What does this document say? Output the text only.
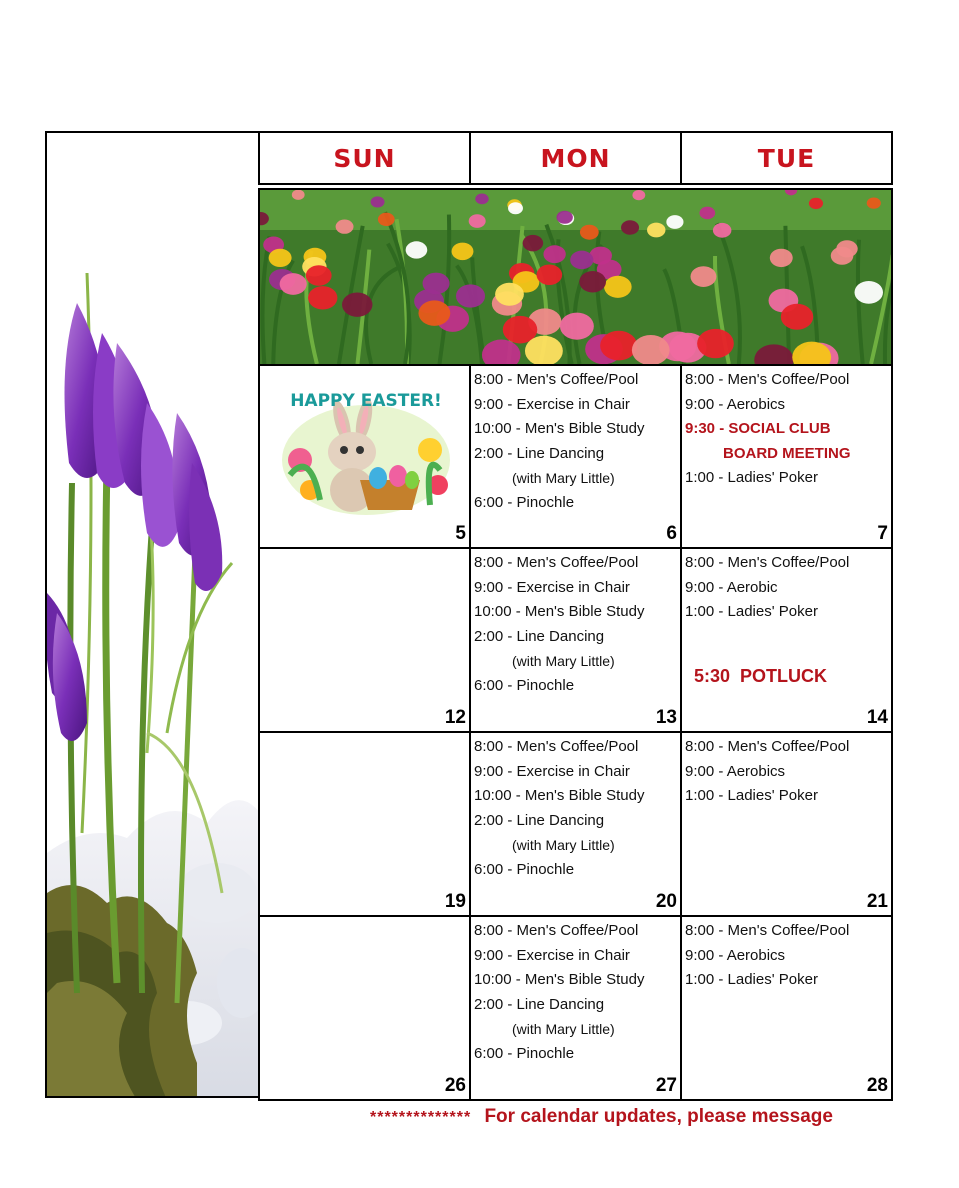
SUN	MON	TUE
HAPPY EASTER!
5
8:00 - Men's Coffee/Pool
9:00 - Exercise in Chair
10:00 - Men's Bible Study
2:00 - Line Dancing
(with Mary Little)
6:00 - Pinochle
6
8:00 - Men's Coffee/Pool
9:00 - Aerobics
9:30 - SOCIAL CLUB
BOARD MEETING
1:00 - Ladies' Poker
7
12
8:00 - Men's Coffee/Pool
9:00 - Exercise in Chair
10:00 - Men's Bible Study
2:00 - Line Dancing
(with Mary Little)
6:00 - Pinochle
13
8:00 - Men's Coffee/Pool
9:00 - Aerobic
1:00 - Ladies' Poker
5:30  POTLUCK
14
19
8:00 - Men's Coffee/Pool
9:00 - Exercise in Chair
10:00 - Men's Bible Study
2:00 - Line Dancing
(with Mary Little)
6:00 - Pinochle
20
8:00 - Men's Coffee/Pool
9:00 - Aerobics
1:00 - Ladies' Poker
21
26
8:00 - Men's Coffee/Pool
9:00 - Exercise in Chair
10:00 - Men's Bible Study
2:00 - Line Dancing
(with Mary Little)
6:00 - Pinochle
27
8:00 - Men's Coffee/Pool
9:00 - Aerobics
1:00 - Ladies' Poker
28
************** For calendar updates, please message
